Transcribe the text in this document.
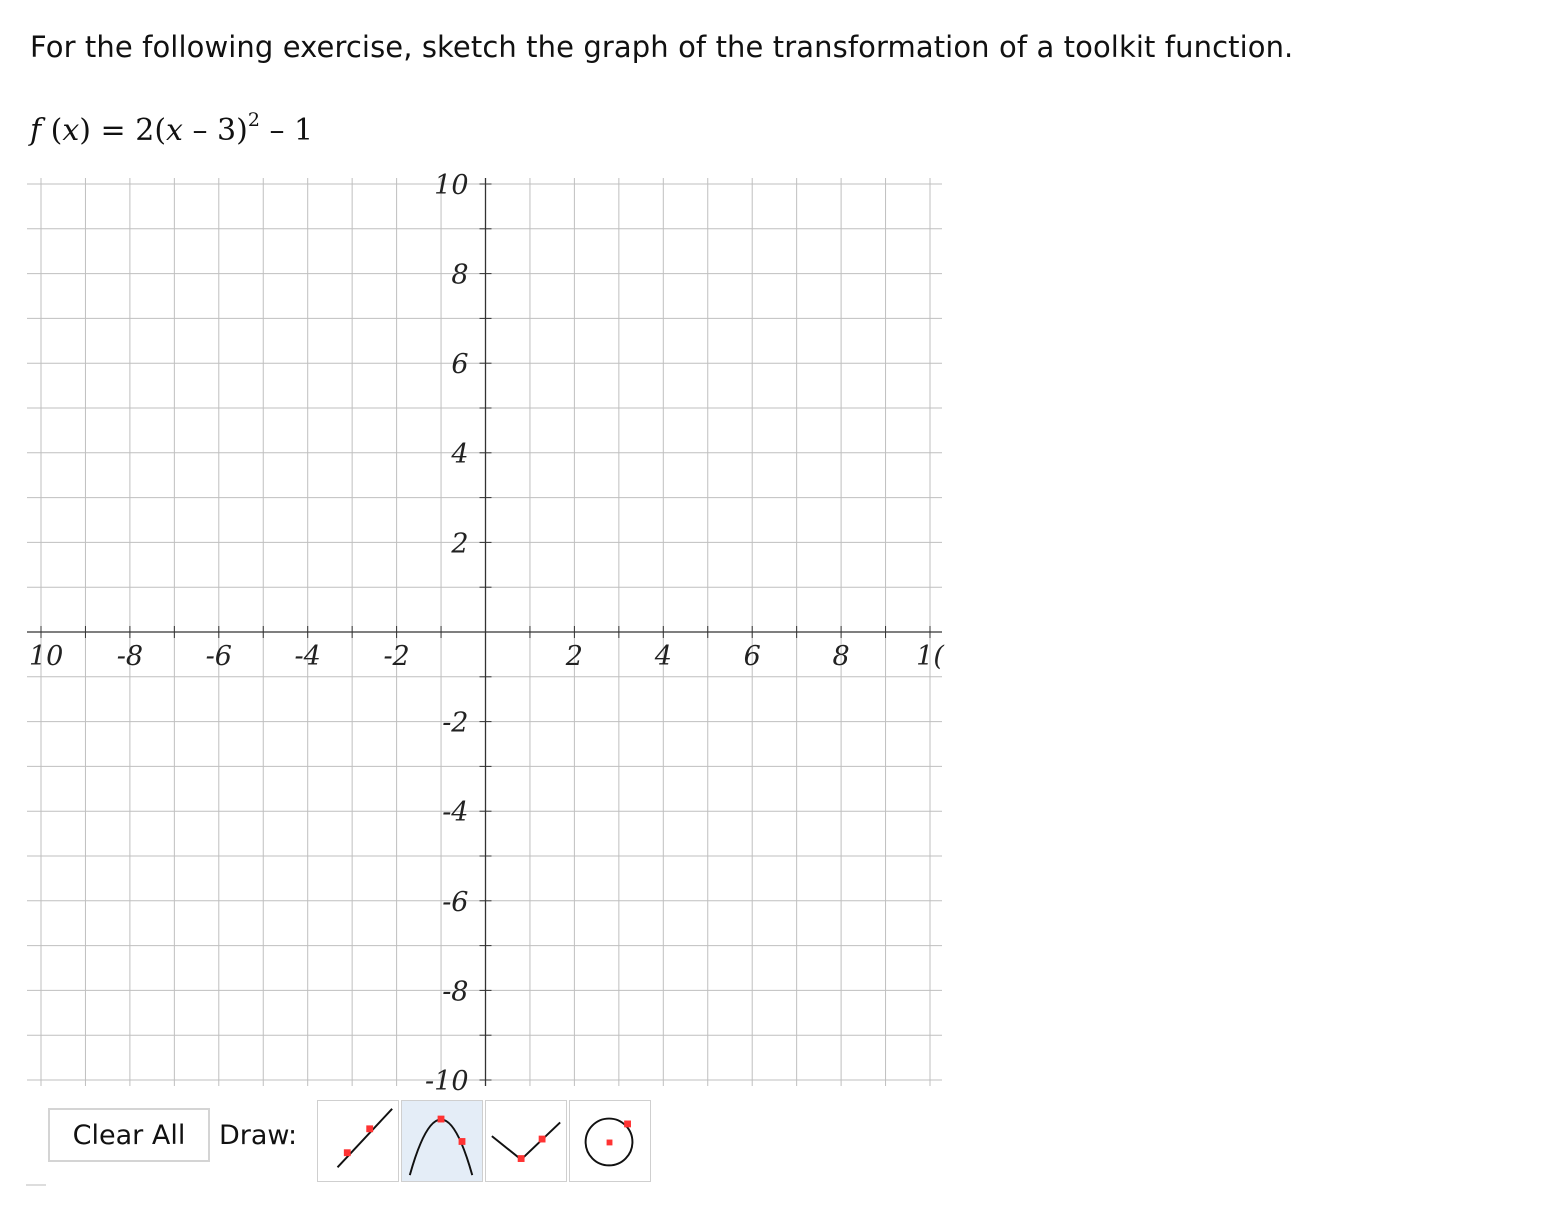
For the following exercise, sketch the graph of the transformation of a toolkit function.
f (x) = 2(x – 3)$^2$ – 1
10 -8 -6 -4 -2	2	4	6	8 1(
10
8
6
4
2
-2
-4
-6
-8
-10
Clear All	Draw:
